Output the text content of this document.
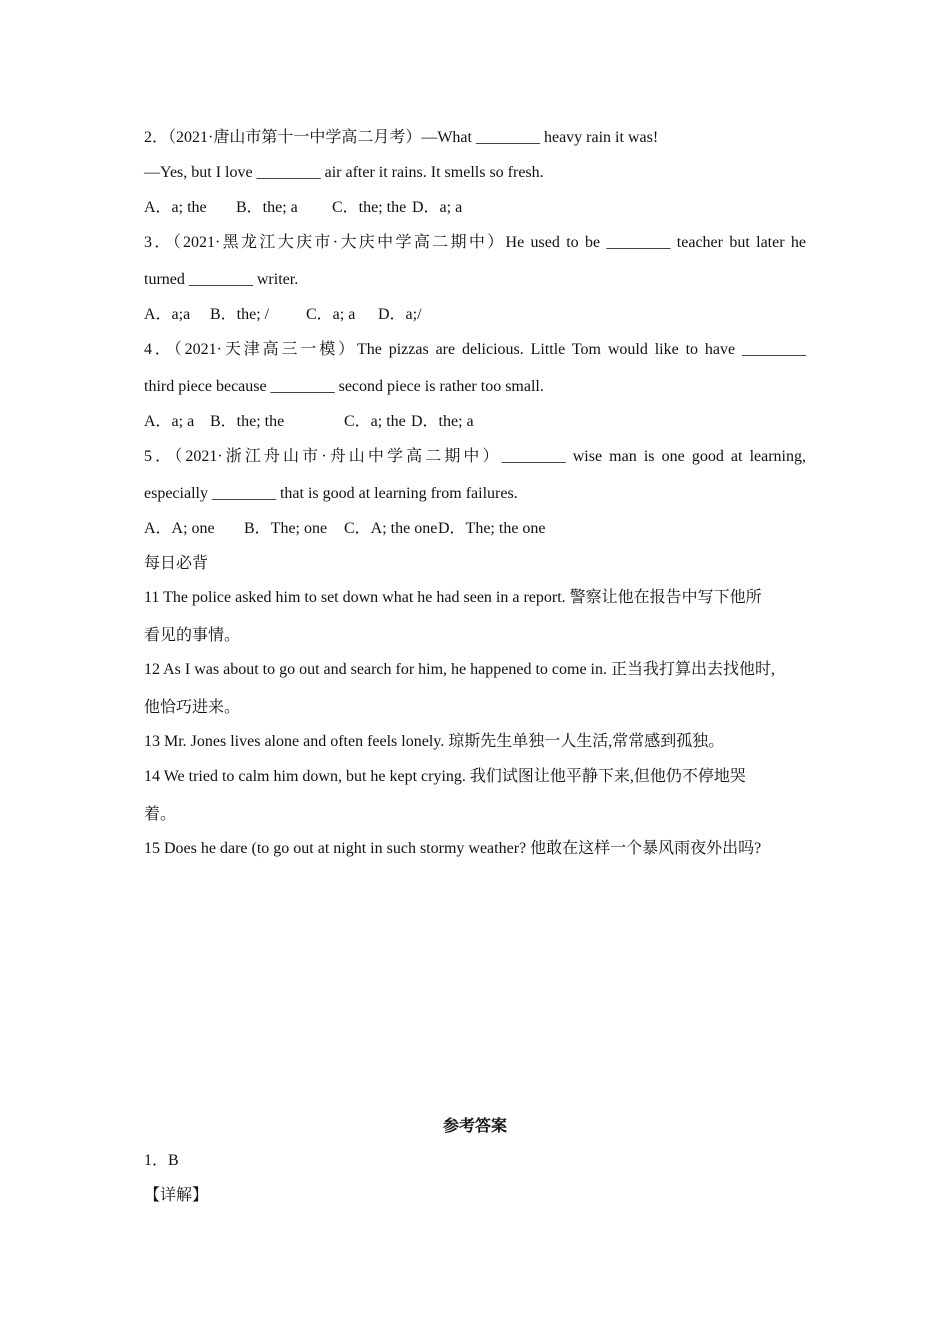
2．（2021·唐山市第十一中学高二月考）—What ________ heavy rain it was!
—Yes, but I love ________ air after it rains. It smells so fresh.
A．a; the B．the; a C．the; the D．a; a
3．（2021·黑龙江大庆市·大庆中学高二期中）He used to be ________ teacher but later he
turned ________ writer.
A．a;a B．the; / C．a; a D．a;/
4．（2021·天津高三一模）The pizzas are delicious. Little Tom would like to have ________
third piece because ________ second piece is rather too small.
A．a; a B．the; the	C．a; the D．the; a
5．（2021·浙江舟山市·舟山中学高二期中）________ wise man is one good at learning,
especially ________ that is good at learning from failures.
A．A; one B．The; one C．A; the oneD．The; the one
每日必背
11 The police asked him to set down what he had seen in a report. 警察让他在报告中写下他所
看见的事情。
12 As I was about to go out and search for him, he happened to come in. 正当我打算出去找他时,
他恰巧进来。
13 Mr. Jones lives alone and often feels lonely. 琼斯先生单独一人生活,常常感到孤独。
14 We tried to calm him down, but he kept crying. 我们试图让他平静下来,但他仍不停地哭
着。
15 Does he dare (to go out at night in such stormy weather? 他敢在这样一个暴风雨夜外出吗?
参考答案
1．B
【详解】
